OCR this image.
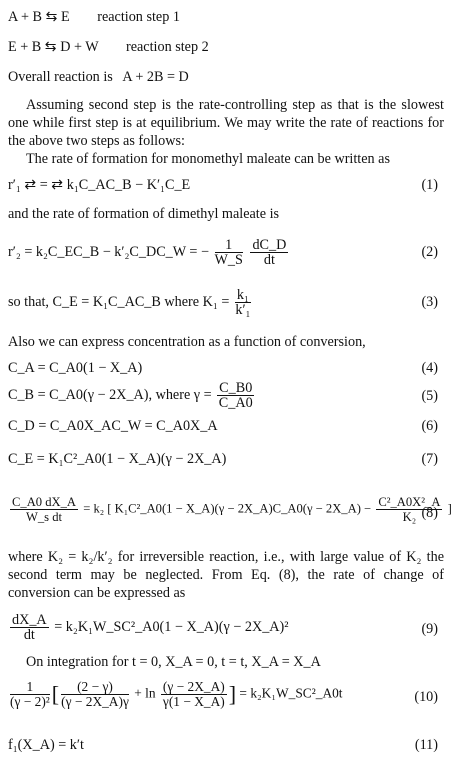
A + B ⇆ E reaction step 1
E + B ⇆ D + W reaction step 2
Overall reaction is A + 2B = D
Assuming second step is the rate-controlling step as that is the slowest one while first step is at equilibrium. We may write the rate of reactions for the above two steps as follows:
The rate of formation for monomethyl maleate can be written as
r′₁ ⇄ = ⇄ k₁C_AC_B − K′₁C_E	(1)
and the rate of formation of dimethyl maleate is
r′₂ = k₂C_EC_B − k′₂C_DC_W = − $\frac{1}{W\_S}$
$\frac{dC\_D}{dt}$	(2)
so that, C_E = K₁C_AC_B where $K_1 = \frac{\text{k₁}}{\text{k′₁}}$	(3)
Also we can express concentration as a function of conversion,
C_A = C_A0(1 − X_A)	(4)
C_B = C_A0(γ − 2X_A), where $\gamma = \frac{C\_B0}{C\_A0}$	(5)
C_D = C_A0X_AC_W = C_A0X_A	(6)
C_E = K₁C²_A0(1 − X_A)(γ − 2X_A)	(7)
$\frac{C\_A0 dX\_A}{\text{W\_s dt}} = k_2$ [ K₁C²_A0(1 − X_A)(γ − 2X_A)C_A0(γ − 2X_A) − $\frac{\text{C²\_A0X²\_A}}{\text{K₂}}$ ]
(8)
where K₂ = k₂/k′₂ for irreversible reaction, i.e., with large value of K₂ the second term may be neglected. From Eq. (8), the rate of change of conversion can be expressed as
$\frac{dX\_A}{dt}$ = k₂K₁W_SC²_A0(1 − X_A)(γ − 2X_A)²	(9)
On integration for t = 0, X_A = 0, t = t, X_A = X_A
$\frac{1}{\text{(γ − 2)²}}$ [ $\frac{(2 - \gamma)}{(\gamma - 2X\_A)\gamma} + \ln \frac{(\gamma - 2X\_A)}{\gamma(1 - X\_A)}$ ] = k₂K₁W_SC²_A0t	(10)
f₁(X_A) = k′t	(11)
